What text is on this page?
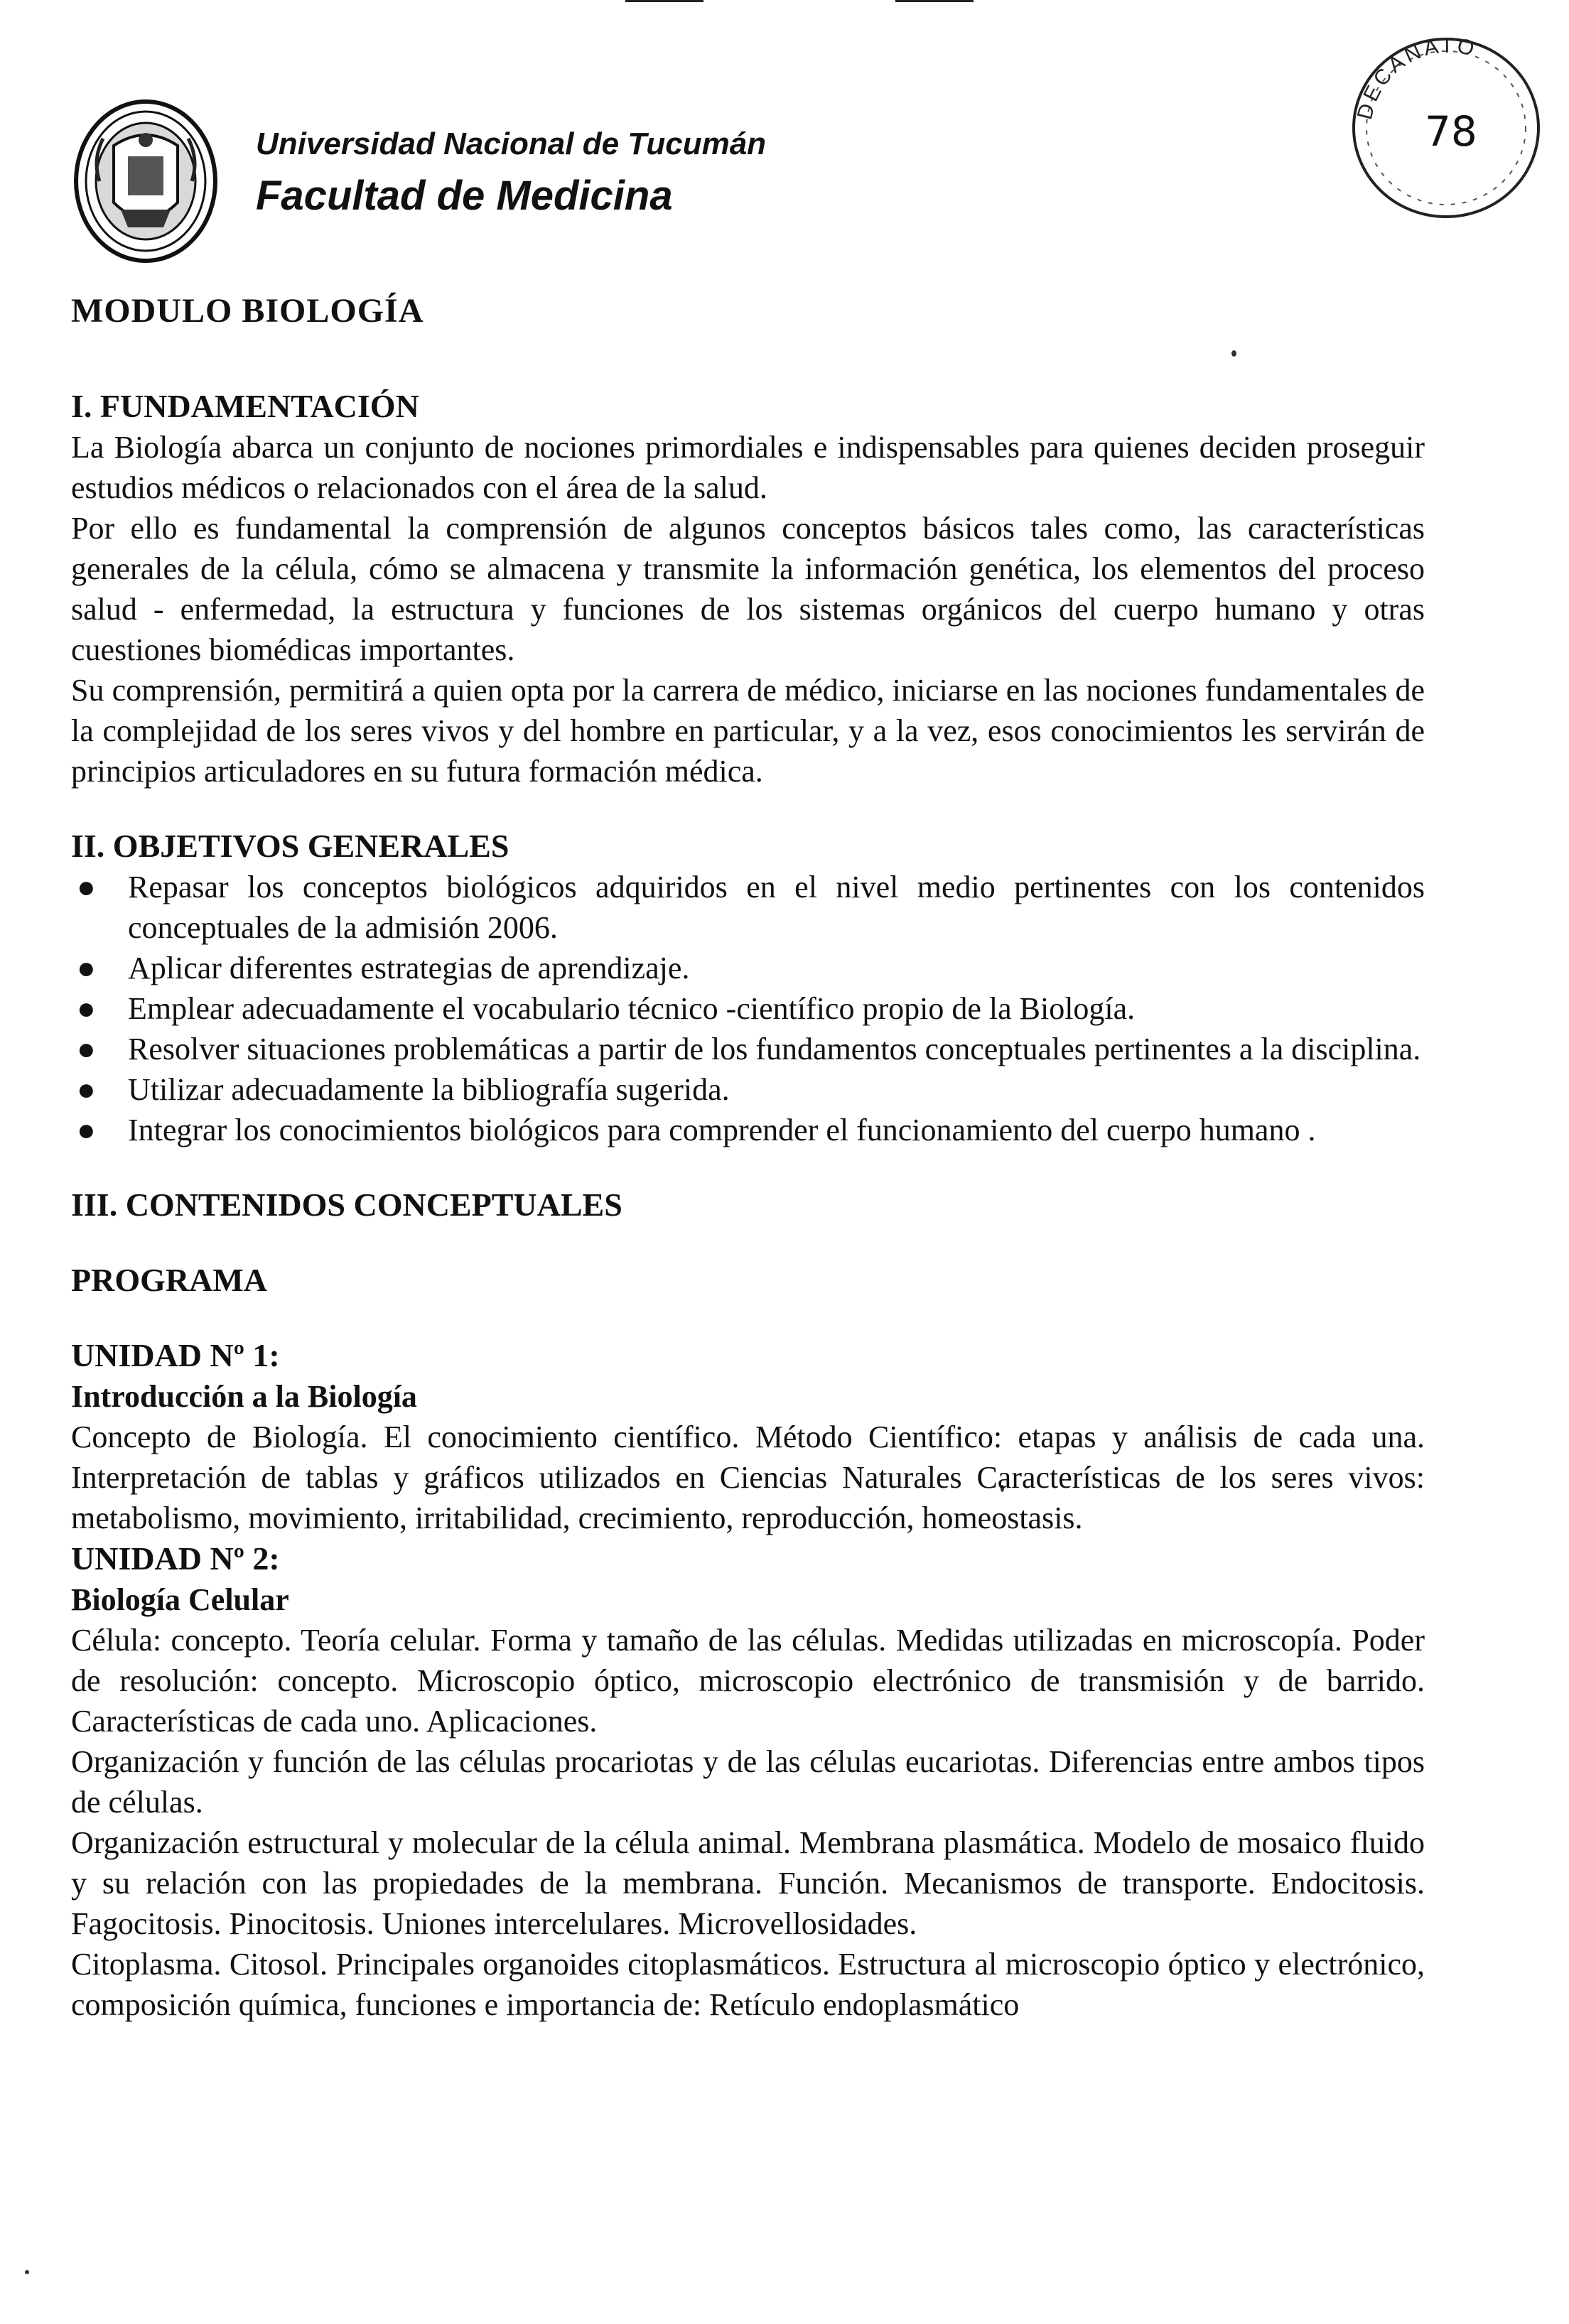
Universidad Nacional de Tucumán
Facultad de Medicina
DECANATO
78
MODULO BIOLOGÍA
I. FUNDAMENTACIÓN

La Biología abarca un conjunto de nociones primordiales e indispensables para quienes deciden proseguir estudios médicos o relacionados con el área de la salud.

Por ello es fundamental la comprensión de algunos conceptos básicos tales como, las características generales de la célula, cómo se almacena y transmite la información genética, los elementos del proceso salud - enfermedad, la estructura y funciones de los sistemas orgánicos del cuerpo humano y otras cuestiones biomédicas importantes.

Su comprensión, permitirá a quien opta por la carrera de médico, iniciarse en las nociones fundamentales de la complejidad de los seres vivos y del hombre en particular, y a la vez, esos conocimientos les servirán de principios articuladores en su futura formación médica.

II. OBJETIVOS GENERALES
● Repasar los conceptos biológicos adquiridos en el nivel medio pertinentes con los contenidos conceptuales de la admisión 2006.
● Aplicar diferentes estrategias de aprendizaje.
● Emplear adecuadamente el vocabulario técnico -científico propio de la Biología.
● Resolver situaciones problemáticas a partir de los fundamentos conceptuales pertinentes a la disciplina.
● Utilizar adecuadamente la bibliografía sugerida.
● Integrar los conocimientos biológicos para comprender el funcionamiento del cuerpo humano .
III. CONTENIDOS CONCEPTUALES
PROGRAMA
UNIDAD Nº 1:
Introducción a la Biología

Concepto de Biología. El conocimiento científico. Método Científico: etapas y análisis de cada una. Interpretación de tablas y gráficos utilizados en Ciencias Naturales Características de los seres vivos: metabolismo, movimiento, irritabilidad, crecimiento, reproducción, homeostasis.

UNIDAD Nº 2:
Biología Celular

Célula: concepto. Teoría celular. Forma y tamaño de las células. Medidas utilizadas en microscopía. Poder de resolución: concepto. Microscopio óptico, microscopio electrónico de transmisión y de barrido. Características de cada uno. Aplicaciones.

Organización y función de las células procariotas y de las células eucariotas. Diferencias entre ambos tipos de células.

Organización estructural y molecular de la célula animal. Membrana plasmática. Modelo de mosaico fluido y su relación con las propiedades de la membrana. Función. Mecanismos de transporte. Endocitosis. Fagocitosis. Pinocitosis. Uniones intercelulares. Microvellosidades.

Citoplasma. Citosol. Principales organoides citoplasmáticos. Estructura al microscopio óptico y electrónico, composición química, funciones e importancia de: Retículo endoplasmático
